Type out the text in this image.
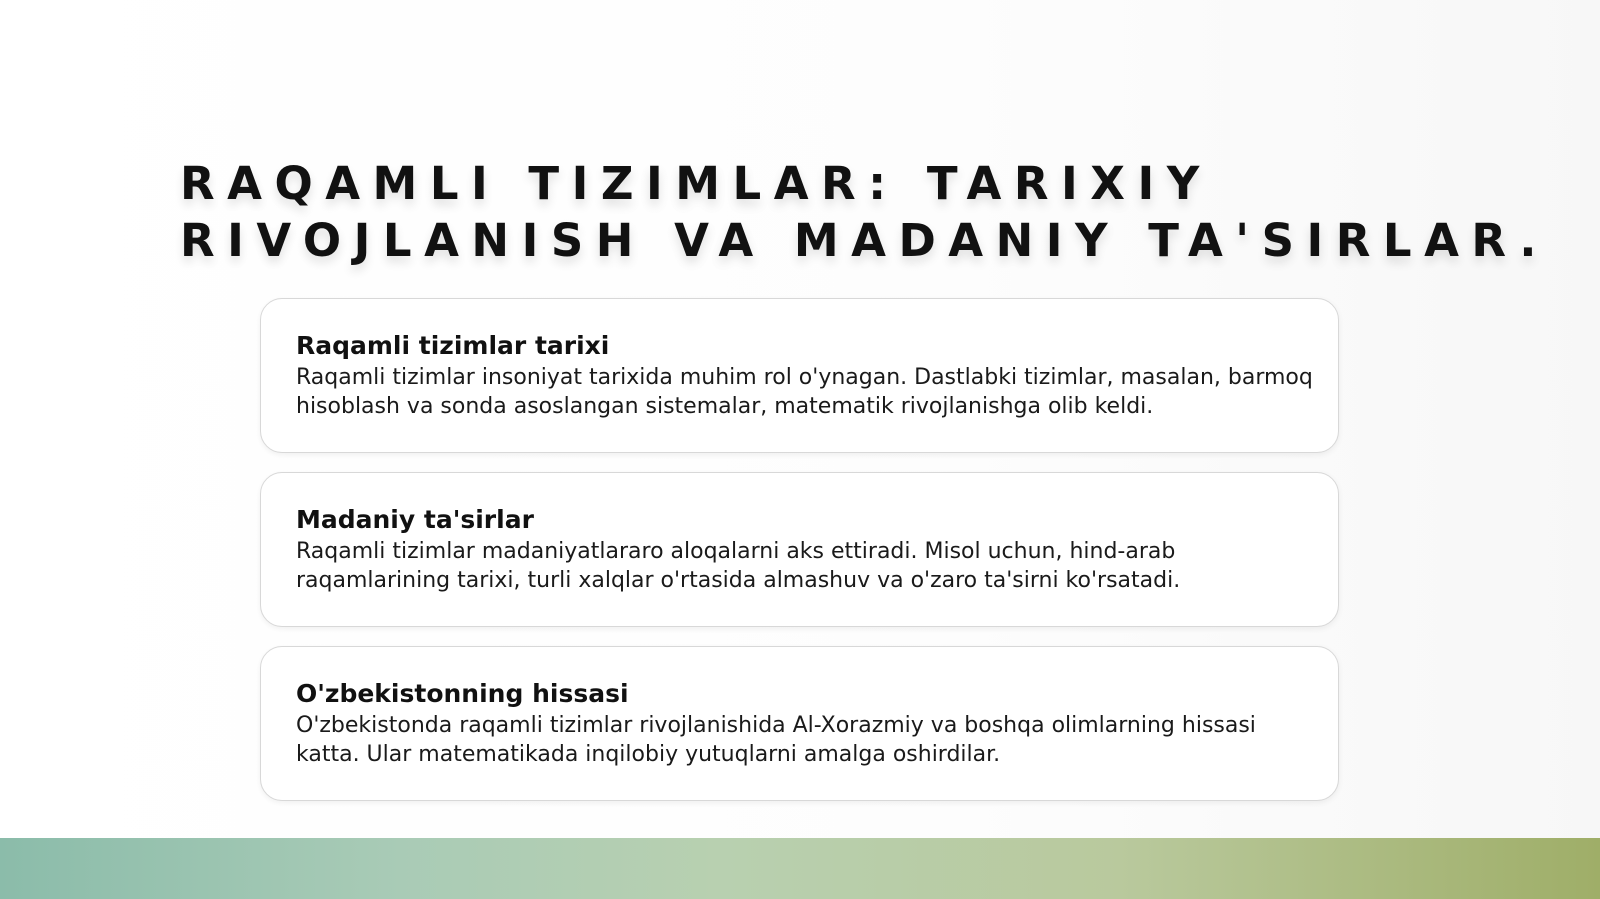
RAQAMLI TIZIMLAR: TARIXIY
RIVOJLANISH VA MADANIY TA'SIRLAR.
Raqamli tizimlar tarixi

Raqamli tizimlar insoniyat tarixida muhim rol o'ynagan. Dastlabki tizimlar, masalan, barmoq
hisoblash va sonda asoslangan sistemalar, matematik rivojlanishga olib keldi.

Madaniy ta'sirlar

Raqamli tizimlar madaniyatlararo aloqalarni aks ettiradi. Misol uchun, hind-arab
raqamlarining tarixi, turli xalqlar o'rtasida almashuv va o'zaro ta'sirni ko'rsatadi.

O'zbekistonning hissasi

O'zbekistonda raqamli tizimlar rivojlanishida Al-Xorazmiy va boshqa olimlarning hissasi
katta. Ular matematikada inqilobiy yutuqlarni amalga oshirdilar.
